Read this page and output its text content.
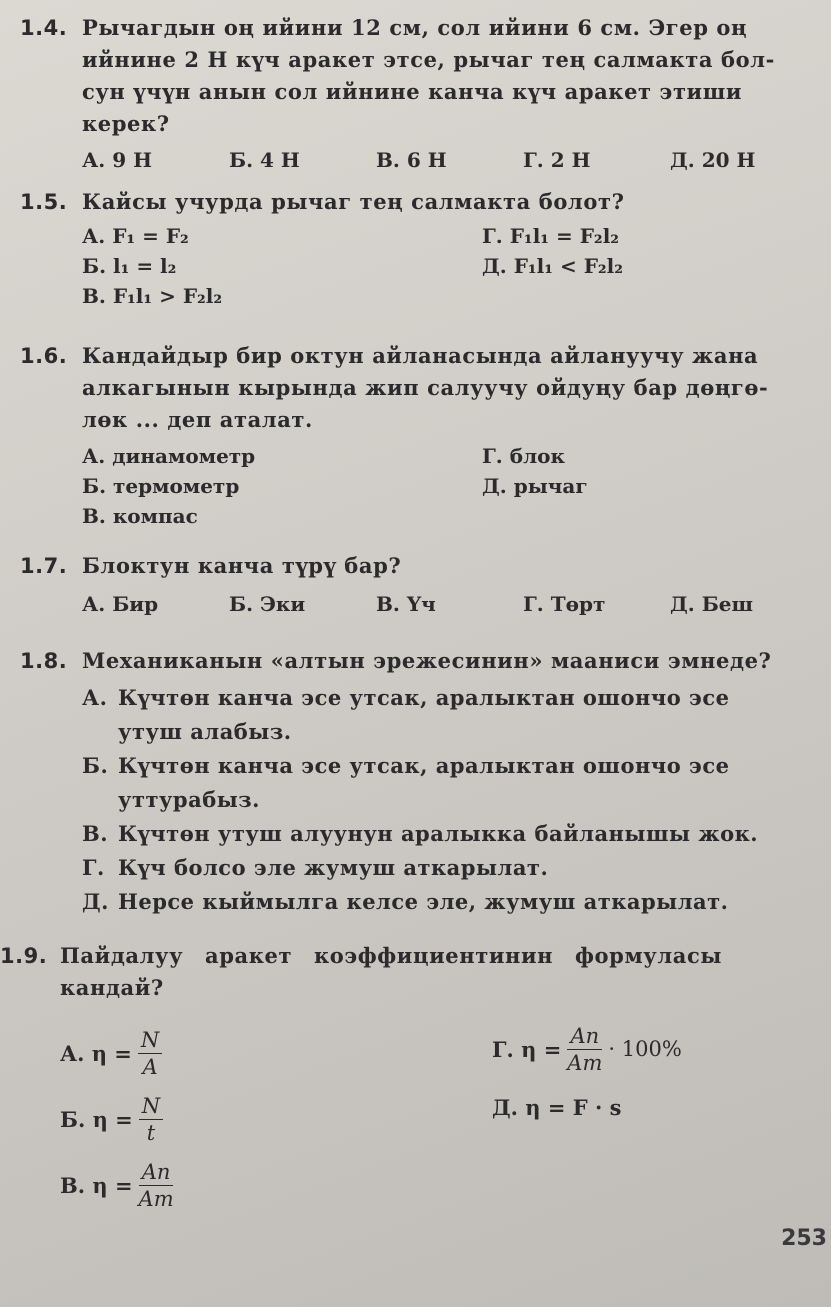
1.4. Рычагдын оң ийини 12 см, сол ийини 6 см. Эгер оң
ийнине 2 Н күч аракет этсе, рычаг тең салмакта бол-
сун үчүн анын сол ийнине канча күч аракет этиши
керек?
А. 9 Н	Б. 4 Н	В. 6 Н	Г. 2 Н	Д. 20 Н
1.5. Кайсы учурда рычаг тең салмакта болот?
А. F₁ = F₂	Г. F₁l₁ = F₂l₂
Б. l₁ = l₂	Д. F₁l₁ < F₂l₂
В. F₁l₁ > F₂l₂
1.6. Кандайдыр бир октун айланасында айлануучу жана
алкагынын кырында жип салуучу ойдуңу бар дөңгө-
лөк ... деп аталат.
А. динамометр	Г. блок
Б. термометр	Д. рычаг
В. компас
1.7. Блоктун канча түрү бар?
А. Бир	Б. Эки	В. Үч	Г. Төрт	Д. Беш
1.8. Механиканын «алтын эрежесинин» мааниси эмнеде?
А. Күчтөн канча эсе утсак, аралыктан ошончо эсе
утуш алабыз.
Б. Күчтөн канча эсе утсак, аралыктан ошончо эсе
уттурабыз.
В. Күчтөн утуш алуунун аралыкка байланышы жок.
Г. Күч болсо эле жумуш аткарылат.
Д. Нерсе кыймылга келсе эле, жумуш аткарылат.
1.9. Пайдалуу аракет коэффициентинин формуласы
кандай?
А. $\eta = \frac{N}{A}$
Б. $\eta = \frac{N}{t}$
В. $\eta = \frac{Aп}{Aт}$
Г. $\eta = \frac{Aп}{Aт} \cdot 100\%$
Д. η = F · s
253
